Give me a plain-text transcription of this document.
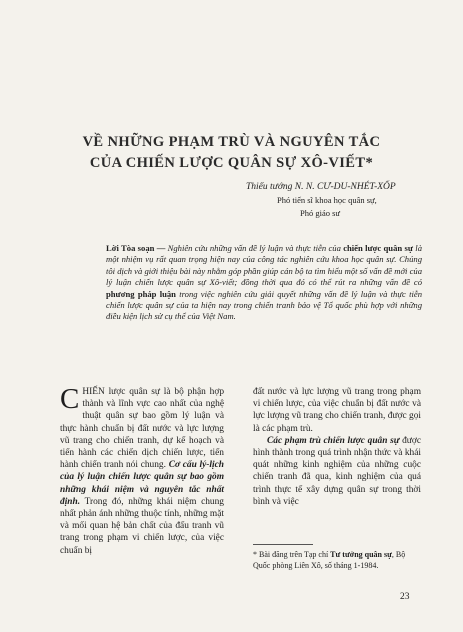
VỀ NHỮNG PHẠM TRÙ VÀ NGUYÊN TẮC
CỦA CHIẾN LƯỢC QUÂN SỰ XÔ-VIẾT*
Thiếu tướng N. N. CƯ-DU-NHÉT-XỐP
Phó tiến sĩ khoa học quân sự,
Phó giáo sư
Lời Tòa soạn — Nghiên cứu những vấn đề lý luận và thực tiễn của chiến lược quân sự là một nhiệm vụ rất quan trọng hiện nay của công tác nghiên cứu khoa học quân sự. Chúng tôi dịch và giới thiệu bài này nhằm góp phần giúp cán bộ ta tìm hiểu một số vấn đề mới của lý luận chiến lược quân sự Xô-viết; đồng thời qua đó có thể rút ra những vấn đề có phương pháp luận trong việc nghiên cứu giải quyết những vấn đề lý luận và thực tiễn chiến lược quân sự của ta hiện nay trong chiến tranh bảo vệ Tổ quốc phù hợp với những điều kiện lịch sử cụ thể của Việt Nam.

CHIẾN lược quân sự là bộ phận hợp thành và lĩnh vực cao nhất của nghệ thuật quân sự bao gồm lý luận và thực hành chuẩn bị đất nước và lực lượng vũ trang cho chiến tranh, dự kế hoạch và tiến hành các chiến dịch chiến lược, tiến hành chiến tranh nói chung. Cơ cấu lý-lịch của lý luận chiến lược quân sự bao gồm những khái niệm và nguyên tắc nhất định. Trong đó, những khái niệm chung nhất phản ánh những thuộc tính, những mặt và mối quan hệ bản chất của đấu tranh vũ trang trong phạm vi chiến lược, của việc chuẩn bị

đất nước và lực lượng vũ trang trong phạm vi chiến lược, của việc chuẩn bị đất nước và lực lượng vũ trang cho chiến tranh, được gọi là các phạm trù.

Các phạm trù chiến lược quân sự được hình thành trong quá trình nhận thức và khái quát những kinh nghiệm của những cuộc chiến tranh đã qua, kinh nghiệm của quá trình thực tế xây dựng quân sự trong thời bình và việc

* Bài đăng trên Tạp chí Tư tưởng quân sự, Bộ Quốc phòng Liên Xô, số tháng 1-1984.
23
